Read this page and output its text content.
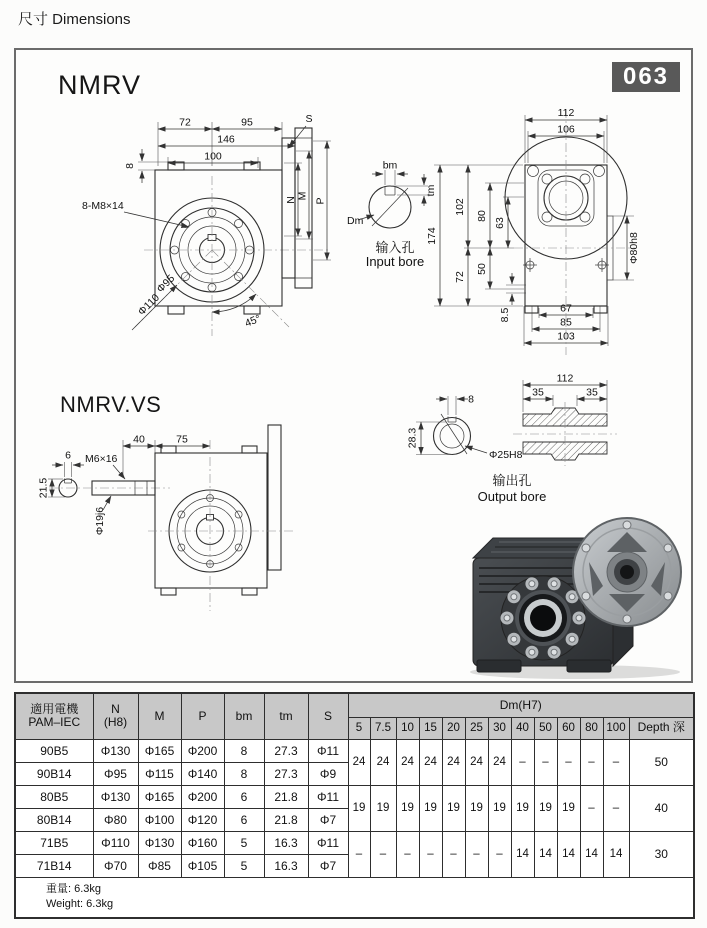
尺寸 Dimensions
NMRV	063
NMRV.VS
72	95
146
100
8
S
8-M8×14	N M
P
Φ95
Φ110
45°
bm
tm
Dm
输入孔
Input bore
112
106
174
102
72
80
63
50
8.5	67
85
103
Φ80h8
40	75
6 M6×16
21.5
Φ19j6
8
28.3
Φ25H8
112
35	35
输出孔
Output bore
適用電機
PAM–IEC

N
(H8)	M	P	bm	tm	S	Dm(H7)
							5	7.5	10	15	20	25	30	40	50	60	80	100	Depth 深
90B5	Φ130	Φ165	Φ200	8	27.3	Φ11	24	24	24	24	24	24	24	–	–	–	–	–	50
90B14	Φ95	Φ115	Φ140	8	27.3	Φ9													
80B5	Φ130	Φ165	Φ200	6	21.8	Φ11	19	19	19	19	19	19	19	19	19	19	–	–	40
80B14	Φ80	Φ100	Φ120	6	21.8	Φ7													
71B5	Φ110	Φ130	Φ160	5	16.3	Φ11	–	–	–	–	–	–	–	14	14	14	14	14	30
71B14	Φ70	Φ85	Φ105	5	16.3	Φ7													

重量: 6.3kg
Weight: 6.3kg																			
